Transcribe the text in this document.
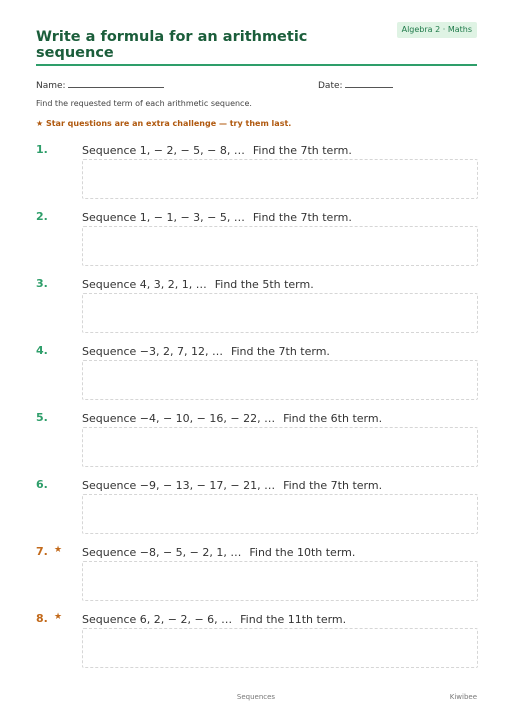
Write a formula for an arithmetic sequence
Algebra 2 · Maths
Name:	Date:
Find the requested term of each arithmetic sequence.
★ Star questions are an extra challenge — try them last.
1.	Sequence 1, − 2, − 5, − 8, … Find the 7th term.
2.	Sequence 1, − 1, − 3, − 5, … Find the 7th term.
3.	Sequence 4, 3, 2, 1, … Find the 5th term.
4.	Sequence −3, 2, 7, 12, … Find the 7th term.
5.	Sequence −4, − 10, − 16, − 22, … Find the 6th term.
6.	Sequence −9, − 13, − 17, − 21, … Find the 7th term.
7. ★ Sequence −8, − 5, − 2, 1, … Find the 10th term.
8. ★ Sequence 6, 2, − 2, − 6, … Find the 11th term.
Sequences	Kiwibee
